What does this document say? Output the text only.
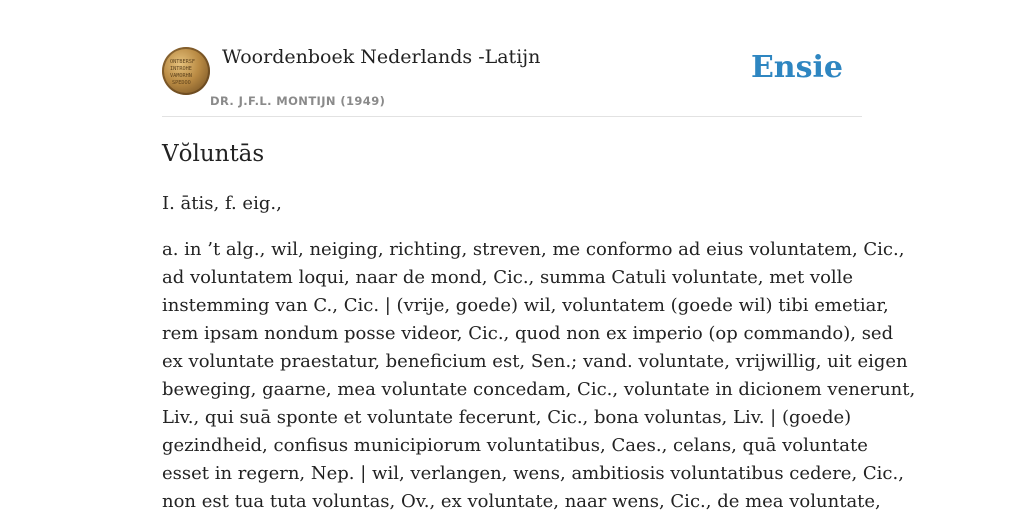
ONTBERSF
INTROHE
VAMORHN
SPEDOO
Woordenboek Nederlands -Latijn
DR. J.F.L. MONTIJN (1949)
Ensie
Vŏluntās

I. ātis, f. eig.,

a. in ’t alg., wil, neiging, richting, streven, me conformo ad eius voluntatem, Cic.,
ad voluntatem loqui, naar de mond, Cic., summa Catuli voluntate, met volle
instemming van C., Cic. | (vrije, goede) wil, voluntatem (goede wil) tibi emetiar,
rem ipsam nondum posse videor, Cic., quod non ex imperio (op commando), sed
ex voluntate praestatur, beneficium est, Sen.; vand. voluntate, vrijwillig, uit eigen
beweging, gaarne, mea voluntate concedam, Cic., voluntate in dicionem venerunt,
Liv., qui suā sponte et voluntate fecerunt, Cic., bona voluntas, Liv. | (goede)
gezindheid, confisus municipiorum voluntatibus, Caes., celans, quā voluntate
esset in regern, Nep. | wil, verlangen, wens, ambitiosis voluntatibus cedere, Cic.,
non est tua tuta voluntas, Ov., ex voluntate, naar wens, Cic., de mea voluntate,
